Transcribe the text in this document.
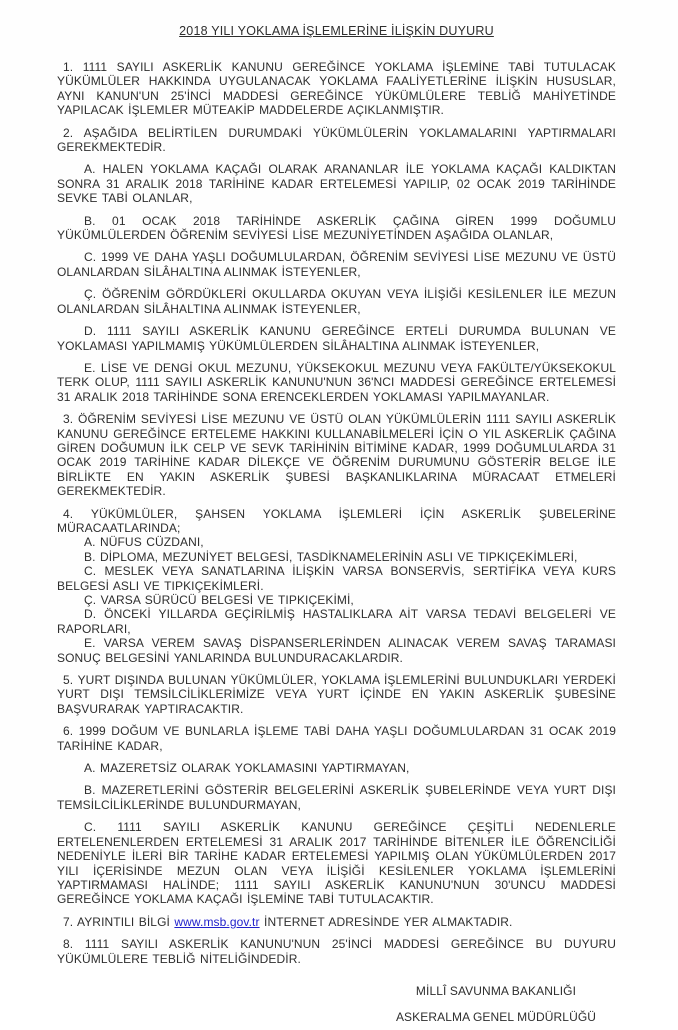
2018 YILI YOKLAMA İŞLEMLERİNE İLİŞKİN DUYURU

1. 1111 SAYILI ASKERLİK KANUNU GEREĞİNCE YOKLAMA İŞLEMİNE TABİ TUTULACAK YÜKÜMLÜLER HAKKINDA UYGULANACAK YOKLAMA FAALİYETLERİNE İLİŞKİN HUSUSLAR, AYNI KANUN'UN 25'İNCİ MADDESİ GEREĞİNCE YÜKÜMLÜLERE TEBLİĞ MAHİYETİNDE YAPILACAK İŞLEMLER MÜTEAKİP MADDELERDE AÇIKLANMIŞTIR.

2. AŞAĞIDA BELİRTİLEN DURUMDAKİ YÜKÜMLÜLERİN YOKLAMALARINI YAPTIRMALARI GEREKMEKTEDİR.

A. HALEN YOKLAMA KAÇAĞI OLARAK ARANANLAR İLE YOKLAMA KAÇAĞI KALDIKTAN SONRA 31 ARALIK 2018 TARİHİNE KADAR ERTELEMESİ YAPILIP, 02 OCAK 2019 TARİHİNDE SEVKE TABİ OLANLAR,

B. 01 OCAK 2018 TARİHİNDE ASKERLİK ÇAĞINA GİREN 1999 DOĞUMLU YÜKÜMLÜLERDEN ÖĞRENİM SEVİYESİ LİSE MEZUNİYETİNDEN AŞAĞIDA OLANLAR,

C. 1999 VE DAHA YAŞLI DOĞUMLULARDAN, ÖĞRENİM SEVİYESİ LİSE MEZUNU VE ÜSTÜ OLANLARDAN SİLÂHALTINA ALINMAK İSTEYENLER,

Ç. ÖĞRENİM GÖRDÜKLERİ OKULLARDA OKUYAN VEYA İLİŞİĞİ KESİLENLER İLE MEZUN OLANLARDAN SİLÂHALTINA ALINMAK İSTEYENLER,

D. 1111 SAYILI ASKERLİK KANUNU GEREĞİNCE ERTELİ DURUMDA BULUNAN VE YOKLAMASI YAPILMAMIŞ YÜKÜMLÜLERDEN SİLÂHALTINA ALINMAK İSTEYENLER,

E. LİSE VE DENGİ OKUL MEZUNU, YÜKSEKOKUL MEZUNU VEYA FAKÜLTE/YÜKSEKOKUL TERK OLUP, 1111 SAYILI ASKERLİK KANUNU'NUN 36'NCI MADDESİ GEREĞİNCE ERTELEMESİ 31 ARALIK 2018 TARİHİNDE SONA ERENCEKLERDEN YOKLAMASI YAPILMAYANLAR.

3. ÖĞRENİM SEVİYESİ LİSE MEZUNU VE ÜSTÜ OLAN YÜKÜMLÜLERİN 1111 SAYILI ASKERLİK KANUNU GEREĞİNCE ERTELEME HAKKINI KULLANABİLMELERİ İÇİN O YIL ASKERLİK ÇAĞINA GİREN DOĞUMUN İLK CELP VE SEVK TARİHİNİN BİTİMİNE KADAR, 1999 DOĞUMLULARDA 31 OCAK 2019 TARİHİNE KADAR DİLEKÇE VE ÖĞRENİM DURUMUNU GÖSTERİR BELGE İLE BİRLİKTE EN YAKIN ASKERLİK ŞUBESİ BAŞKANLIKLARINA MÜRACAAT ETMELERİ GEREKMEKTEDİR.

4. YÜKÜMLÜLER, ŞAHSEN YOKLAMA İŞLEMLERİ İÇİN ASKERLİK ŞUBELERİNE MÜRACAATLARINDA;

A. NÜFUS CÜZDANI,

B. DİPLOMA, MEZUNİYET BELGESİ, TASDİKNAMELERİNİN ASLI VE TIPKIÇEKİMLERİ,

C. MESLEK VEYA SANATLARINA İLİŞKİN VARSA BONSERVİS, SERTİFİKA VEYA KURS BELGESİ ASLI VE TIPKIÇEKİMLERİ.

Ç. VARSA SÜRÜCÜ BELGESİ VE TIPKIÇEKİMİ,

D. ÖNCEKİ YILLARDA GEÇİRİLMİŞ HASTALIKLARA AİT VARSA TEDAVİ BELGELERİ VE RAPORLARI,

E. VARSA VEREM SAVAŞ DİSPANSERLERİNDEN ALINACAK VEREM SAVAŞ TARAMASI SONUÇ BELGESİNİ YANLARINDA BULUNDURACAKLARDIR.

5. YURT DIŞINDA BULUNAN YÜKÜMLÜLER, YOKLAMA İŞLEMLERİNİ BULUNDUKLARI YERDEKİ YURT DIŞI TEMSİLCİLİKLERİMİZE VEYA YURT İÇİNDE EN YAKIN ASKERLİK ŞUBESİNE BAŞVURARAK YAPTIRACAKTIR.

6. 1999 DOĞUM VE BUNLARLA İŞLEME TABİ DAHA YAŞLI DOĞUMLULARDAN 31 OCAK 2019 TARİHİNE KADAR,

A. MAZERETSİZ OLARAK YOKLAMASINI YAPTIRMAYAN,

B. MAZERETLERİNİ GÖSTERİR BELGELERİNİ ASKERLİK ŞUBELERİNDE VEYA YURT DIŞI TEMSİLCİLİKLERİNDE BULUNDURMAYAN,

C. 1111 SAYILI ASKERLİK KANUNU GEREĞİNCE ÇEŞİTLİ NEDENLERLE ERTELENENLERDEN ERTELEMESİ 31 ARALIK 2017 TARİHİNDE BİTENLER İLE ÖĞRENCİLİĞİ NEDENİYLE İLERİ BİR TARİHE KADAR ERTELEMESİ YAPILMIŞ OLAN YÜKÜMLÜLERDEN 2017 YILI İÇERİSİNDE MEZUN OLAN VEYA İLİŞİĞİ KESİLENLER YOKLAMA İŞLEMLERİNİ YAPTIRMAMASI HALİNDE; 1111 SAYILI ASKERLİK KANUNU'NUN 30'UNCU MADDESİ GEREĞİNCE YOKLAMA KAÇAĞI İŞLEMİNE TABİ TUTULACAKTIR.

7. AYRINTILI BİLGİ www.msb.gov.tr İNTERNET ADRESİNDE YER ALMAKTADIR.

8. 1111 SAYILI ASKERLİK KANUNU'NUN 25'İNCİ MADDESİ GEREĞİNCE BU DUYURU YÜKÜMLÜLERE TEBLİĞ NİTELİĞİNDEDİR.

MİLLÎ SAVUNMA BAKANLIĞI
ASKERALMA GENEL MÜDÜRLÜĞÜ
